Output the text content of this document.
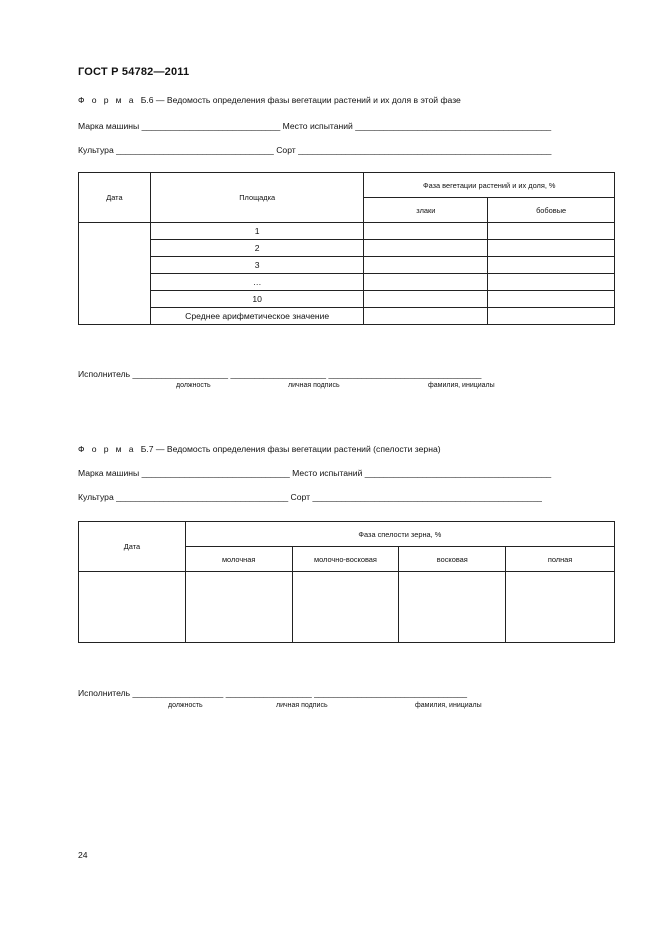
ГОСТ Р 54782—2011
Ф о р м а Б.6 — Ведомость определения фазы вегетации растений и их доля в этой фазе
Марка машины _____________________________ Место испытаний _________________________________________
Культура _________________________________ Сорт _____________________________________________________
Дата	Площадка	Фаза вегетации растений и их доля, %	
		злаки	бобовые
	1		
	2		
	3		
	…		
	10		
	Среднее арифметическое значение		
Исполнитель ____________________ ____________________ ________________________________
должность	личная подпись	фамилия, инициалы
Ф о р м а Б.7 — Ведомость определения фазы вегетации растений (спелости зерна)
Марка машины _______________________________ Место испытаний _______________________________________
Культура ____________________________________ Сорт ________________________________________________
Дата	Фаза спелости зерна, %			
	молочная	молочно-восковая	восковая	полная

Исполнитель ___________________ __________________ ________________________________
должность	личная подпись	фамилия, инициалы
24
